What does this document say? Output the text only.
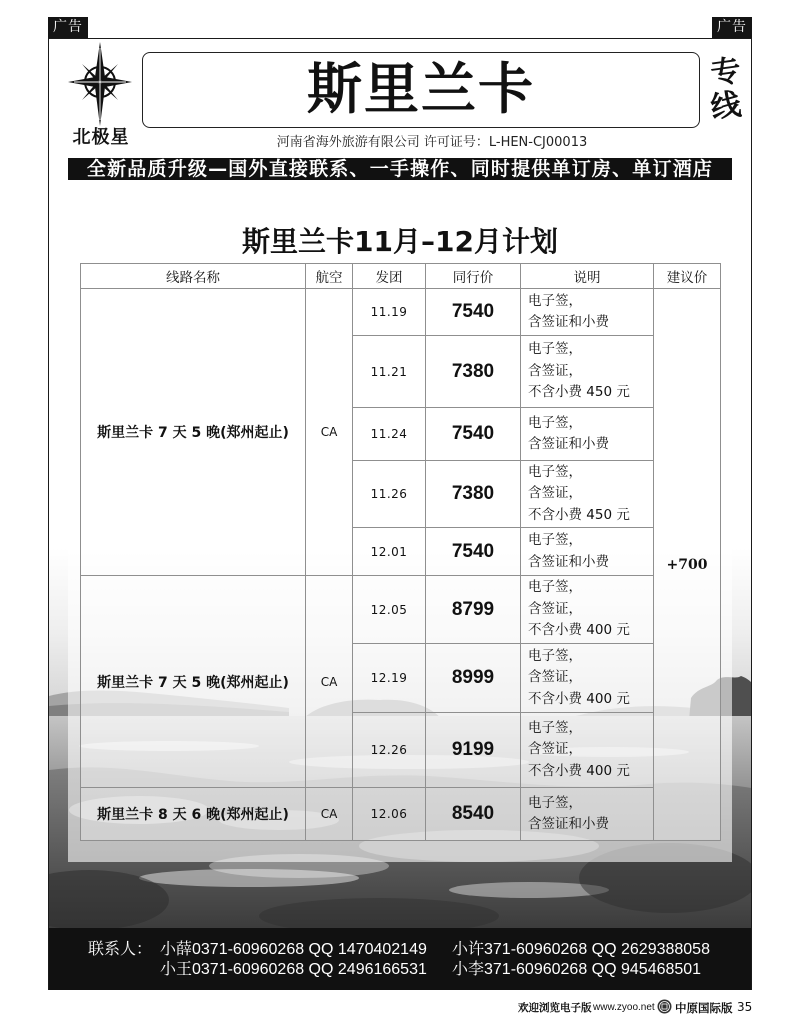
广告	广告
北极星
斯里兰卡	专
线
河南省海外旅游有限公司 许可证号：L-HEN-CJ00013
全新品质升级—国外直接联系、一手操作、同时提供单订房、单订酒店
斯里兰卡11月–12月计划
线路名称	航空	发团	同行价	说明	建议价
斯里兰卡 7 天 5 晚(郑州起止)	CA	11.19	7540	电子签，
含签证和小费	+700
		11.21	7380	电子签，
含签证，
不含小费 450 元	

		11.24	7540	电子签，
含签证和小费	

		11.26	7380	电子签，
含签证，
不含小费 450 元	

		12.01	7540	电子签，
含签证和小费	

斯里兰卡 7 天 5 晚(郑州起止)	CA	12.05	8799	电子签，
含签证，
不含小费 400 元	

		12.19	8999	电子签，
含签证，
不含小费 400 元	

		12.26	9199	电子签，
含签证，
不含小费 400 元	

斯里兰卡 8 天 6 晚(郑州起止)	CA	12.06	8540	电子签，
含签证和小费	
联系人： 小薛0371-60960268 QQ 1470402149 小许371-60960268 QQ 2629388058
小王0371-60960268 QQ 2496166531 小李371-60960268 QQ 945468501
欢迎浏览电子版 www.zyoo.net 中原国际版 35
